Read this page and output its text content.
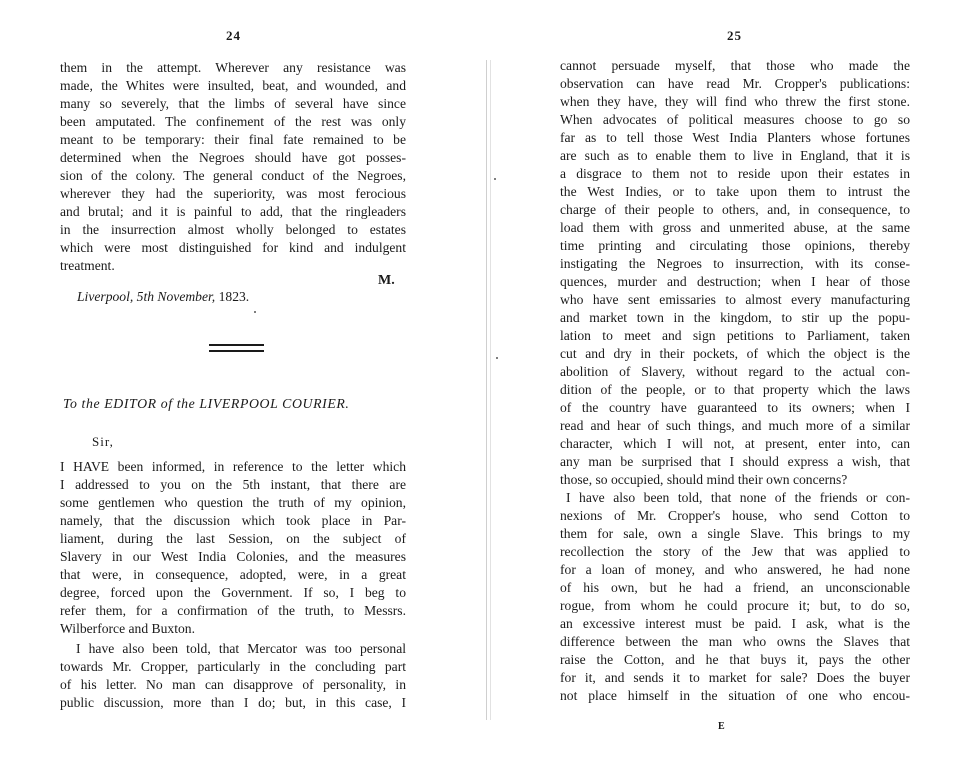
24
them in the attempt. Wherever any resistance was
made, the Whites were insulted, beat, and wounded, and
many so severely, that the limbs of several have since
been amputated. The confinement of the rest was only
meant to be temporary: their final fate remained to be
determined when the Negroes should have got posses-
sion of the colony. The general conduct of the Negroes,
wherever they had the superiority, was most ferocious
and brutal; and it is painful to add, that the ringleaders
in the insurrection almost wholly belonged to estates
which were most distinguished for kind and indulgent
treatment.
M.
Liverpool, 5th November, 1823.
To the EDITOR of the LIVERPOOL COURIER.
Sir,
I HAVE been informed, in reference to the letter which
I addressed to you on the 5th instant, that there are
some gentlemen who question the truth of my opinion,
namely, that the discussion which took place in Par-
liament, during the last Session, on the subject of
Slavery in our West India Colonies, and the measures
that were, in consequence, adopted, were, in a great
degree, forced upon the Government. If so, I beg to
refer them, for a confirmation of the truth, to Messrs.
Wilberforce and Buxton.
I have also been told, that Mercator was too personal
towards Mr. Cropper, particularly in the concluding part
of his letter. No man can disapprove of personality, in
public discussion, more than I do; but, in this case, I
25
cannot persuade myself, that those who made the
observation can have read Mr. Cropper's publications:
when they have, they will find who threw the first stone.
When advocates of political measures choose to go so
far as to tell those West India Planters whose fortunes
are such as to enable them to live in England, that it is
a disgrace to them not to reside upon their estates in
the West Indies, or to take upon them to intrust the
charge of their people to others, and, in consequence, to
load them with gross and unmerited abuse, at the same
time printing and circulating those opinions, thereby
instigating the Negroes to insurrection, with its conse-
quences, murder and destruction; when I hear of those
who have sent emissaries to almost every manufacturing
and market town in the kingdom, to stir up the popu-
lation to meet and sign petitions to Parliament, taken
cut and dry in their pockets, of which the object is the
abolition of Slavery, without regard to the actual con-
dition of the people, or to that property which the laws
of the country have guaranteed to its owners; when I
read and hear of such things, and much more of a similar
character, which I will not, at present, enter into, can
any man be surprised that I should express a wish, that
those, so occupied, should mind their own concerns?
I have also been told, that none of the friends or con-
nexions of Mr. Cropper's house, who send Cotton to
them for sale, own a single Slave. This brings to my
recollection the story of the Jew that was applied to
for a loan of money, and who answered, he had none
of his own, but he had a friend, an unconscionable
rogue, from whom he could procure it; but, to do so,
an excessive interest must be paid. I ask, what is the
difference between the man who owns the Slaves that
raise the Cotton, and he that buys it, pays the other
for it, and sends it to market for sale? Does the buyer
not place himself in the situation of one who encou-
E
